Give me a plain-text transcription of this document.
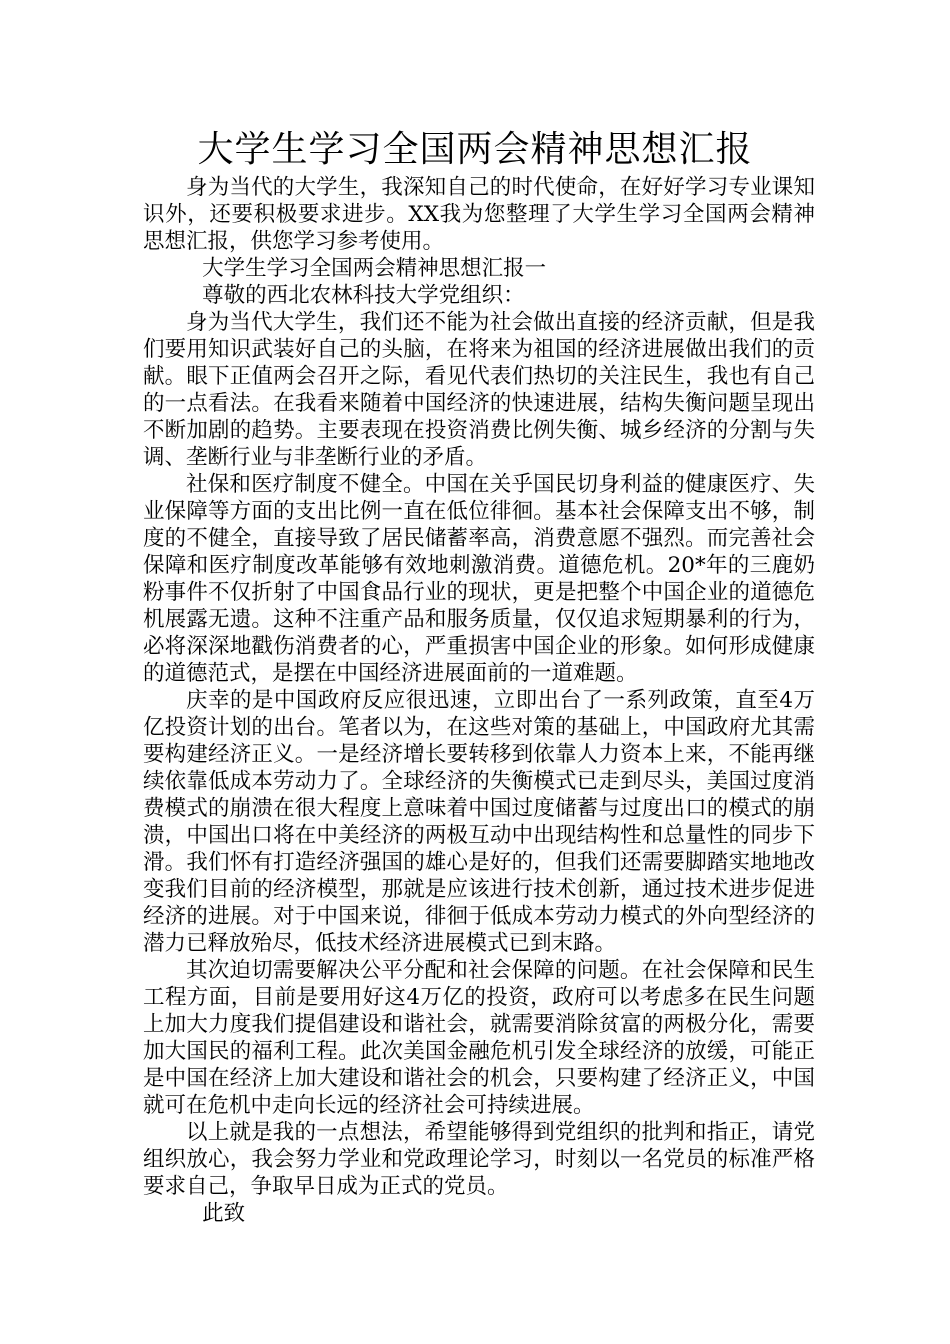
大学生学习全国两会精神思想汇报

身为当代的大学生，我深知自己的时代使命，在好好学习专业课知识外，还要积极要求进步。XX我为您整理了大学生学习全国两会精神思想汇报，供您学习参考使用。

大学生学习全国两会精神思想汇报一

尊敬的西北农林科技大学党组织：

身为当代大学生，我们还不能为社会做出直接的经济贡献，但是我们要用知识武装好自己的头脑，在将来为祖国的经济进展做出我们的贡献。眼下正值两会召开之际，看见代表们热切的关注民生，我也有自己的一点看法。在我看来随着中国经济的快速进展，结构失衡问题呈现出不断加剧的趋势。主要表现在投资消费比例失衡、城乡经济的分割与失调、垄断行业与非垄断行业的矛盾。

社保和医疗制度不健全。中国在关乎国民切身利益的健康医疗、失业保障等方面的支出比例一直在低位徘徊。基本社会保障支出不够，制度的不健全，直接导致了居民储蓄率高，消费意愿不强烈。而完善社会保障和医疗制度改革能够有效地刺激消费。道德危机。20*年的三鹿奶粉事件不仅折射了中国食品行业的现状，更是把整个中国企业的道德危机展露无遗。这种不注重产品和服务质量，仅仅追求短期暴利的行为，必将深深地戳伤消费者的心，严重损害中国企业的形象。如何形成健康的道德范式，是摆在中国经济进展面前的一道难题。

庆幸的是中国政府反应很迅速，立即出台了一系列政策，直至4万亿投资计划的出台。笔者以为，在这些对策的基础上，中国政府尤其需要构建经济正义。一是经济增长要转移到依靠人力资本上来，不能再继续依靠低成本劳动力了。全球经济的失衡模式已走到尽头，美国过度消费模式的崩溃在很大程度上意味着中国过度储蓄与过度出口的模式的崩溃，中国出口将在中美经济的两极互动中出现结构性和总量性的同步下滑。我们怀有打造经济强国的雄心是好的，但我们还需要脚踏实地地改变我们目前的经济模型，那就是应该进行技术创新，通过技术进步促进经济的进展。对于中国来说，徘徊于低成本劳动力模式的外向型经济的潜力已释放殆尽，低技术经济进展模式已到末路。

其次迫切需要解决公平分配和社会保障的问题。在社会保障和民生工程方面，目前是要用好这4万亿的投资，政府可以考虑多在民生问题上加大力度我们提倡建设和谐社会，就需要消除贫富的两极分化，需要加大国民的福利工程。此次美国金融危机引发全球经济的放缓，可能正是中国在经济上加大建设和谐社会的机会，只要构建了经济正义，中国就可在危机中走向长远的经济社会可持续进展。

以上就是我的一点想法，希望能够得到党组织的批判和指正，请党组织放心，我会努力学业和党政理论学习，时刻以一名党员的标准严格要求自己，争取早日成为正式的党员。

此致
